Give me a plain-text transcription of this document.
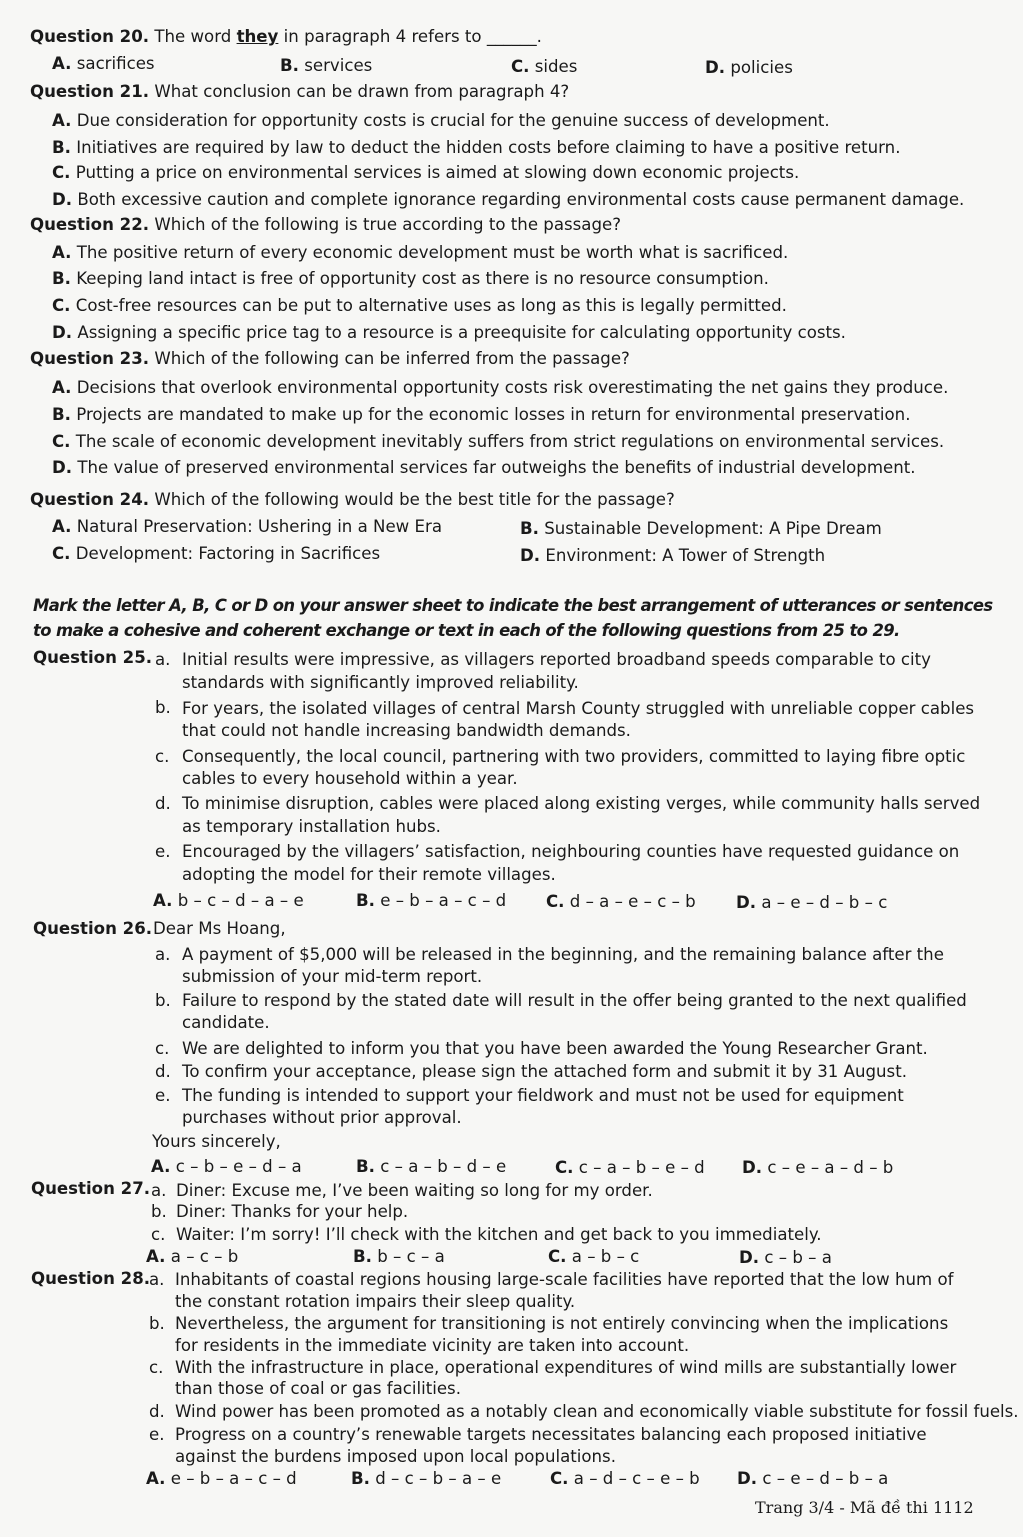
Question 20. The word they in paragraph 4 refers to ______.
A. sacrifices	B. services	C. sides	D. policies
Question 21. What conclusion can be drawn from paragraph 4?
A. Due consideration for opportunity costs is crucial for the genuine success of development.
B. Initiatives are required by law to deduct the hidden costs before claiming to have a positive return.
C. Putting a price on environmental services is aimed at slowing down economic projects.
D. Both excessive caution and complete ignorance regarding environmental costs cause permanent damage.
Question 22. Which of the following is true according to the passage?
A. The positive return of every economic development must be worth what is sacrificed.
B. Keeping land intact is free of opportunity cost as there is no resource consumption.
C. Cost-free resources can be put to alternative uses as long as this is legally permitted.
D. Assigning a specific price tag to a resource is a preequisite for calculating opportunity costs.
Question 23. Which of the following can be inferred from the passage?
A. Decisions that overlook environmental opportunity costs risk overestimating the net gains they produce.
B. Projects are mandated to make up for the economic losses in return for environmental preservation.
C. The scale of economic development inevitably suffers from strict regulations on environmental services.
D. The value of preserved environmental services far outweighs the benefits of industrial development.
Question 24. Which of the following would be the best title for the passage?
A. Natural Preservation: Ushering in a New Era	B. Sustainable Development: A Pipe Dream
C. Development: Factoring in Sacrifices	D. Environment: A Tower of Strength
Mark the letter A, B, C or D on your answer sheet to indicate the best arrangement of utterances or sentences
to make a cohesive and coherent exchange or text in each of the following questions from 25 to 29.
Question 25. a. Initial results were impressive, as villagers reported broadband speeds comparable to city
standards with significantly improved reliability.
b. For years, the isolated villages of central Marsh County struggled with unreliable copper cables
that could not handle increasing bandwidth demands.
c. Consequently, the local council, partnering with two providers, committed to laying fibre optic
cables to every household within a year.
d. To minimise disruption, cables were placed along existing verges, while community halls served
as temporary installation hubs.
e. Encouraged by the villagers’ satisfaction, neighbouring counties have requested guidance on
adopting the model for their remote villages.
A. b – c – d – a – e	B. e – b – a – c – d C. d – a – e – c – b D. a – e – d – b – c
Question 26. Dear Ms Hoang,
a. A payment of $5,000 will be released in the beginning, and the remaining balance after the
submission of your mid-term report.
b. Failure to respond by the stated date will result in the offer being granted to the next qualified
candidate.
c. We are delighted to inform you that you have been awarded the Young Researcher Grant.
d. To confirm your acceptance, please sign the attached form and submit it by 31 August.
e. The funding is intended to support your fieldwork and must not be used for equipment
purchases without prior approval.
Yours sincerely,
A. c – b – e – d – a	B. c – a – b – d – e	C. c – a – b – e – d D. c – e – a – d – b
Question 27. a. Diner: Excuse me, I’ve been waiting so long for my order.
b. Diner: Thanks for your help.
c. Waiter: I’m sorry! I’ll check with the kitchen and get back to you immediately.
A. a – c – b	B. b – c – a	C. a – b – c	D. c – b – a
Question 28.
a. Inhabitants of coastal regions housing large-scale facilities have reported that the low hum of
the constant rotation impairs their sleep quality.
b. Nevertheless, the argument for transitioning is not entirely convincing when the implications
for residents in the immediate vicinity are taken into account.
c. With the infrastructure in place, operational expenditures of wind mills are substantially lower
than those of coal or gas facilities.
d. Wind power has been promoted as a notably clean and economically viable substitute for fossil fuels.
e. Progress on a country’s renewable targets necessitates balancing each proposed initiative
against the burdens imposed upon local populations.
A. e – b – a – c – d	B. d – c – b – a – e	C. a – d – c – e – b D. c – e – d – b – a
Trang 3/4 - Mã đề thi 1112
